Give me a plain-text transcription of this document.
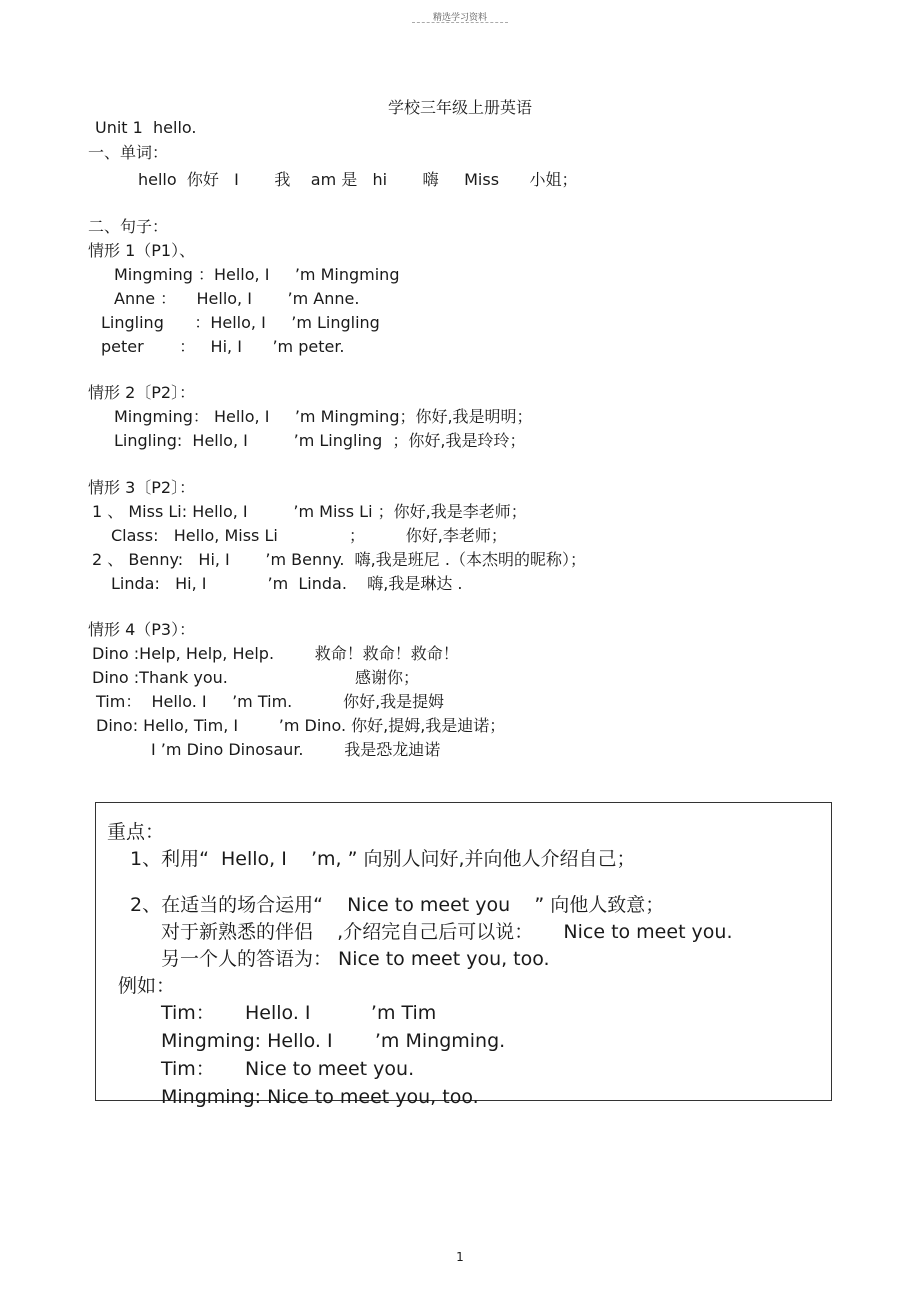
精选学习资料
学校三年级上册英语
Unit 1  hello.
一、单词：
hello  你好   I       我    am 是   hi       嗨     Miss      小姐；
二、句子：
情形 1（P1）、
Mingming ：Hello, I     ’m Mingming
Anne ：    Hello, I       ’m Anne.
Lingling      ：Hello, I     ’m Lingling
peter       ：   Hi, I      ’m peter.
情形 2〔P2〕：
Mingming： Hello, I     ’m Mingming；你好,我是明明；
Lingling:  Hello, I         ’m Lingling  ；你好,我是玲玲；
情形 3〔P2〕：
1 、 Miss Li: Hello, I         ’m Miss Li ；你好,我是李老师；
Class:   Hello, Miss Li              ；        你好,李老师；
2 、 Benny:   Hi, I       ’m Benny.  嗨,我是班尼 .（本杰明的昵称）；
Linda:   Hi, I            ’m  Linda.    嗨,我是琳达 .
情形 4（P3）：
Dino :Help, Help, Help.        救命！救命！救命！
Dino :Thank you.                         感谢你；
Tim：  Hello. I     ’m Tim.          你好,我是提姆
Dino: Hello, Tim, I        ’m Dino. 你好,提姆,我是迪诺；
I ’m Dino Dinosaur.        我是恐龙迪诺
重点：
1、利用“  Hello, I    ’m, ” 向别人问好,并向他人介绍自己；
2、在适当的场合运用“    Nice to meet you    ” 向他人致意；
对于新熟悉的伴侣    ,介绍完自己后可以说：     Nice to meet you.
另一个人的答语为： Nice to meet you, too.
例如：
Tim：     Hello. I          ’m Tim
Mingming: Hello. I       ’m Mingming.
Tim：     Nice to meet you.
Mingming: Nice to meet you, too.
1
